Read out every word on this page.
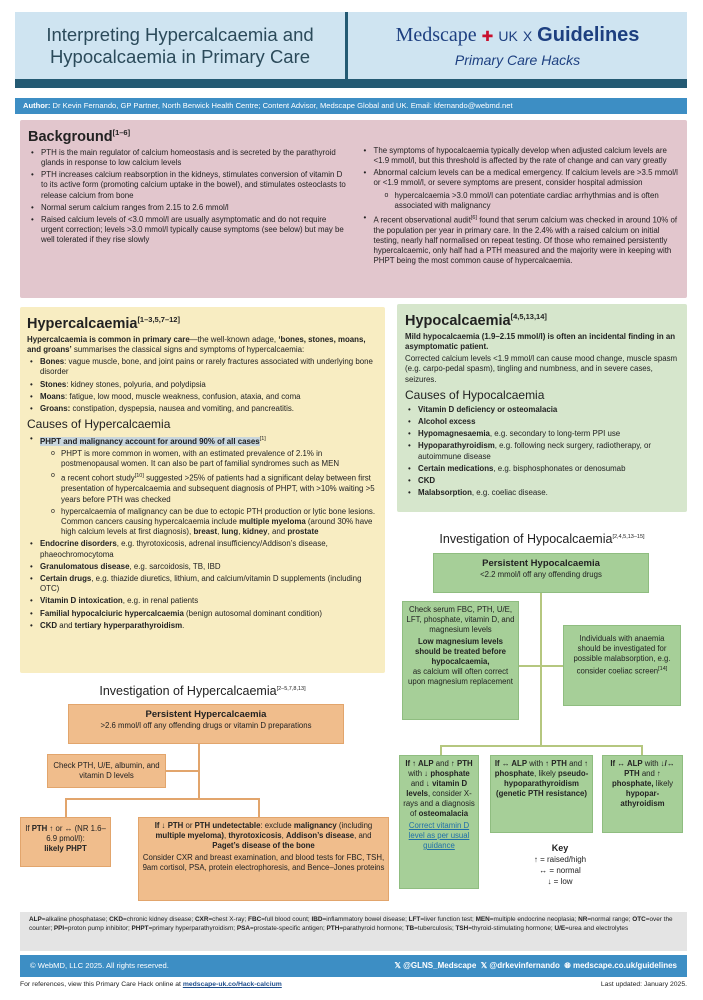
Interpreting Hypercalcaemia and
Hypocalcaemia in Primary Care
Medscape ✚ UK X Guidelines
Primary Care Hacks
Author: Dr Kevin Fernando, GP Partner, North Berwick Health Centre; Content Advisor, Medscape Global and UK. Email: kfernando@webmd.net
Background[1–6]
• PTH is the main regulator of calcium homeostasis and is secreted by the parathyroid glands in response to low calcium levels
• PTH increases calcium reabsorption in the kidneys, stimulates conversion of vitamin D to its active form (promoting calcium uptake in the bowel), and stimulates osteoclasts to release calcium from bone
• Normal serum calcium ranges from 2.15 to 2.6 mmol/l
• Raised calcium levels of <3.0 mmol/l are usually asymptomatic and do not require urgent correction; levels >3.0 mmol/l typically cause symptoms (see below) but may be well tolerated if they rise slowly
• The symptoms of hypocalcaemia typically develop when adjusted calcium levels are <1.9 mmol/l, but this threshold is affected by the rate of change and can vary greatly
• Abnormal calcium levels can be a medical emergency. If calcium levels are >3.5 mmol/l or <1.9 mmol/l, or severe symptoms are present, consider hospital admission
o hypercalcaemia >3.0 mmol/l can potentiate cardiac arrhythmias and is often associated with malignancy
• A recent observational audit[6] found that serum calcium was checked in around 10% of the population per year in primary care. In the 2.4% with a raised calcium on initial testing, nearly half normalised on repeat testing. Of those who remained persistently hypercalcaemic, only half had a PTH measured and the majority were in keeping with PHPT being the most common cause of hypercalcaemia.
Hypercalcaemia[1–3,5,7–12]

Hypercalcaemia is common in primary care—the well-known adage, ‘bones, stones, moans, and groans’ summarises the classical signs and symptoms of hypercalcaemia:

• Bones: vague muscle, bone, and joint pains or rarely fractures associated with underlying bone disorder
• Stones: kidney stones, polyuria, and polydipsia
• Moans: fatigue, low mood, muscle weakness, confusion, ataxia, and coma
• Groans: constipation, dyspepsia, nausea and vomiting, and pancreatitis.
Causes of Hypercalcaemia
• PHPT and malignancy account for around 90% of all cases[1]
o PHPT is more common in women, with an estimated prevalence of 2.1% in postmenopausal women. It can also be part of familial syndromes such as MEN
o a recent cohort study[10] suggested >25% of patients had a significant delay between first presentation of hypercalcaemia and subsequent diagnosis of PHPT, with >10% waiting >5 years before PTH was checked
o hypercalcaemia of malignancy can be due to ectopic PTH production or lytic bone lesions. Common cancers causing hypercalcaemia include multiple myeloma (around 30% have high calcium levels at first diagnosis), breast, lung, kidney, and prostate
• Endocrine disorders, e.g. thyrotoxicosis, adrenal insufficiency/Addison’s disease, phaeochromocytoma
• Granulomatous disease, e.g. sarcoidosis, TB, IBD
• Certain drugs, e.g. thiazide diuretics, lithium, and calcium/vitamin D supplements (including OTC)
• Vitamin D intoxication, e.g. in renal patients
• Familial hypocalciuric hypercalcaemia (benign autosomal dominant condition)
• CKD and tertiary hyperparathyroidism.
Hypocalcaemia[4,5,13,14]

Mild hypocalcaemia (1.9–2.15 mmol/l) is often an incidental finding in an asymptomatic patient.

Corrected calcium levels <1.9 mmol/l can cause mood change, muscle spasm (e.g. carpo-pedal spasm), tingling and numbness, and in severe cases, seizures.

Causes of Hypocalcaemia
• Vitamin D deficiency or osteomalacia
• Alcohol excess
• Hypomagnesaemia, e.g. secondary to long-term PPI use
• Hypoparathyroidism, e.g. following neck surgery, radiotherapy, or autoimmune disease
• Certain medications, e.g. bisphosphonates or denosumab
• CKD
• Malabsorption, e.g. coeliac disease.
Investigation of Hypercalcaemia[2–5,7,8,13]
Persistent Hypercalcaemia
>2.6 mmol/l off any offending drugs or vitamin D preparations
Check PTH, U/E, albumin, and vitamin D levels
If PTH ↑ or ↔ (NR 1.6–6.9 pmol/l):
likely PHPT
If ↓ PTH or PTH undetectable: exclude malignancy (including multiple myeloma), thyrotoxicosis, Addison’s disease, and Paget’s disease of the bone
Consider CXR and breast examination, and blood tests for FBC, TSH, 9am cortisol, PSA, protein electrophoresis, and Bence–Jones proteins
Investigation of Hypocalcaemia[2,4,5,13–15]
Persistent Hypocalcaemia
<2.2 mmol/l off any offending drugs
Check serum FBC, PTH, U/E, LFT, phosphate, vitamin D, and magnesium levels
Low magnesium levels should be treated before hypocalcaemia,
as calcium will often correct upon magnesium replacement
Individuals with anaemia should be investigated for possible malabsorption, e.g. consider coeliac screen[14]
If ↑ ALP and ↑ PTH with ↓ phosphate and ↓ vitamin D levels, consider X-rays and a diagnosis of osteomalacia
Correct vitamin D level as per usual guidance
If ↔ ALP with ↑ PTH and ↑ phosphate, likely pseudo-hypoparathyroidism (genetic PTH resistance)
If ↔ ALP with ↓/↔ PTH and ↑ phosphate, likely hypopar-athyroidism
Key
↑ = raised/high
↔ = normal
↓ = low
ALP=alkaline phosphatase; CKD=chronic kidney disease; CXR=chest X-ray; FBC=full blood count; IBD=inflammatory bowel disease; LFT=liver function test; MEN=multiple endocrine neoplasia; NR=normal range; OTC=over the counter; PPI=proton pump inhibitor; PHPT=primary hyperparathyroidism; PSA=prostate-specific antigen; PTH=parathyroid hormone; TB=tuberculosis; TSH=thyroid-stimulating hormone; U/E=urea and electrolytes
© WebMD, LLC 2025. All rights reserved.	𝕏 @GLNS_Medscape 𝕏 @drkevinfernando 🌐︎ medscape.co.uk/guidelines
For references, view this Primary Care Hack online at medscape-uk.co/Hack-calcium	Last updated: January 2025.
